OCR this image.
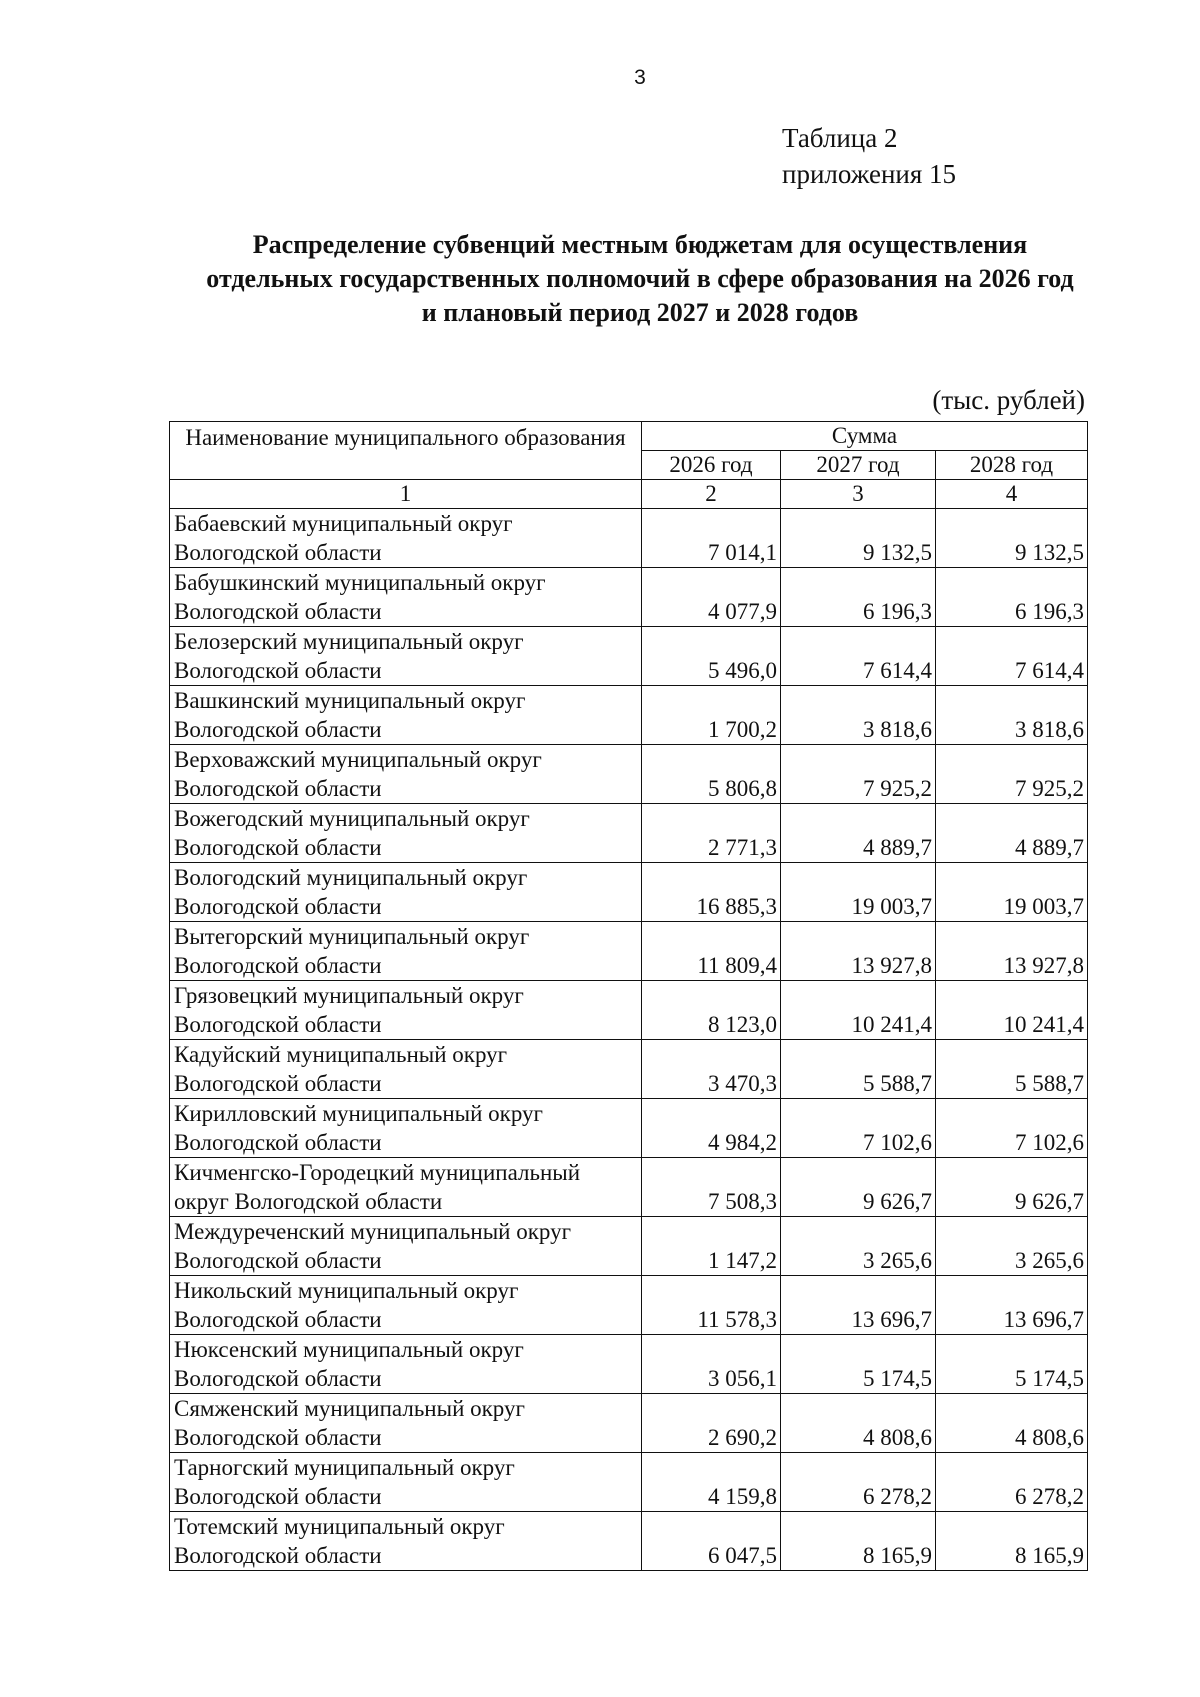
3
Таблица 2
приложения 15
Распределение субвенций местным бюджетам для осуществления
отдельных государственных полномочий в сфере образования на 2026 год
и плановый период 2027 и 2028 годов
(тыс. рублей)
Наименование муниципального образования	Сумма		
	2026 год	2027 год	2028 год
1	2	3	4

Бабаевский муниципальный округ
Вологодской области	7 014,1	9 132,5	9 132,5

Бабушкинский муниципальный округ
Вологодской области	4 077,9	6 196,3	6 196,3

Белозерский муниципальный округ
Вологодской области	5 496,0	7 614,4	7 614,4

Вашкинский муниципальный округ
Вологодской области	1 700,2	3 818,6	3 818,6

Верховажский муниципальный округ
Вологодской области	5 806,8	7 925,2	7 925,2

Вожегодский муниципальный округ
Вологодской области	2 771,3	4 889,7	4 889,7

Вологодский муниципальный округ
Вологодской области	16 885,3	19 003,7	19 003,7

Вытегорский муниципальный округ
Вологодской области	11 809,4	13 927,8	13 927,8

Грязовецкий муниципальный округ
Вологодской области	8 123,0	10 241,4	10 241,4

Кадуйский муниципальный округ
Вологодской области	3 470,3	5 588,7	5 588,7

Кирилловский муниципальный округ
Вологодской области	4 984,2	7 102,6	7 102,6

Кичменгско-Городецкий муниципальный
округ Вологодской области	7 508,3	9 626,7	9 626,7

Междуреченский муниципальный округ
Вологодской области	1 147,2	3 265,6	3 265,6

Никольский муниципальный округ
Вологодской области	11 578,3	13 696,7	13 696,7

Нюксенский муниципальный округ
Вологодской области	3 056,1	5 174,5	5 174,5

Сямженский муниципальный округ
Вологодской области	2 690,2	4 808,6	4 808,6

Тарногский муниципальный округ
Вологодской области	4 159,8	6 278,2	6 278,2

Тотемский муниципальный округ
Вологодской области	6 047,5	8 165,9	8 165,9
